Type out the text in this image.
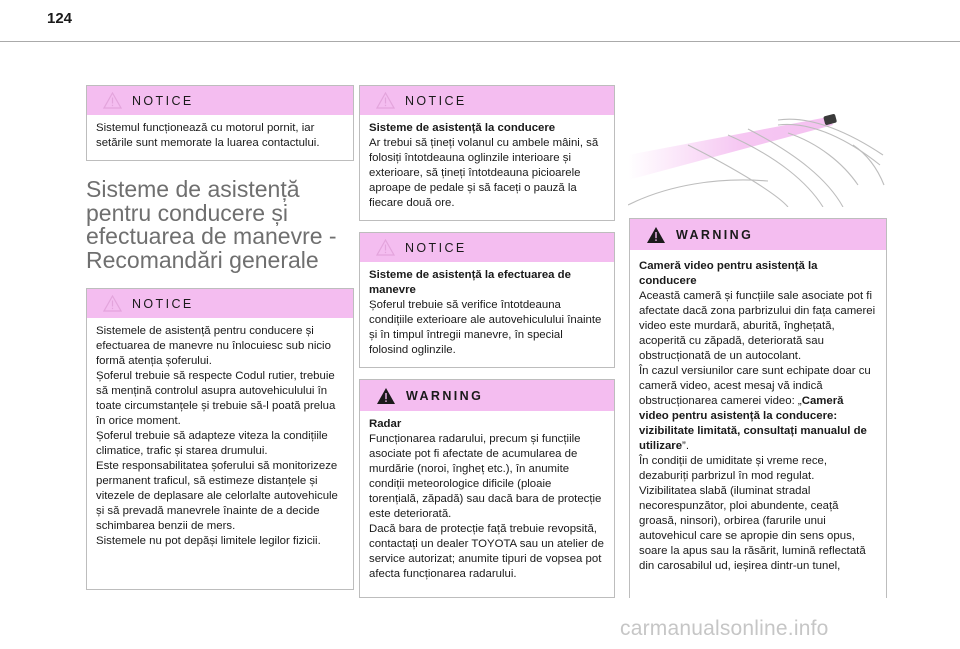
124
NOTICE

Sistemul funcționează cu motorul pornit, iar setările sunt memorate la luarea contactului.

Sisteme de asistență pentru conducere și efectuarea de manevre - Recomandări generale
NOTICE

Sistemele de asistență pentru conducere și efectuarea de manevre nu înlocuiesc sub nicio formă atenția șoferului.

Șoferul trebuie să respecte Codul rutier, trebuie să mențină controlul asupra autovehiculului în toate circumstanțele și trebuie să-l poată prelua în orice moment.

Șoferul trebuie să adapteze viteza la condițiile climatice, trafic și starea drumului.

Este responsabilitatea șoferului să monitorizeze permanent traficul, să estimeze distanțele și vitezele de deplasare ale celorlalte autovehicule și să prevadă manevrele înainte de a decide schimbarea benzii de mers.

Sistemele nu pot depăși limitele legilor fizicii.

NOTICE

Sisteme de asistență la conducere

Ar trebui să țineți volanul cu ambele mâini, să folosiți întotdeauna oglinzile interioare și exterioare, să țineți întotdeauna picioarele aproape de pedale și să faceți o pauză la fiecare două ore.

NOTICE

Sisteme de asistență la efectuarea de manevre

Șoferul trebuie să verifice întotdeauna condițiile exterioare ale autovehiculului înainte și în timpul întregii manevre, în special folosind oglinzile.

WARNING

Radar

Funcționarea radarului, precum și funcțiile asociate pot fi afectate de acumularea de murdărie (noroi, îngheț etc.), în anumite condiții meteorologice dificile (ploaie torențială, zăpadă) sau dacă bara de protecție este deteriorată.

Dacă bara de protecție față trebuie revopsită, contactați un dealer TOYOTA sau un atelier de service autorizat; anumite tipuri de vopsea pot afecta funcționarea radarului.

WARNING

Cameră video pentru asistență la conducere

Această cameră și funcțiile sale asociate pot fi afectate dacă zona parbrizului din fața camerei video este murdară, aburită, înghețată, acoperită cu zăpadă, deteriorată sau obstrucționată de un autocolant.

În cazul versiunilor care sunt echipate doar cu cameră video, acest mesaj vă indică obstrucționarea camerei video: „Cameră video pentru asistență la conducere: vizibilitate limitată, consultați manualul de utilizare”.

În condiții de umiditate și vreme rece, dezaburiți parbrizul în mod regulat.

Vizibilitatea slabă (iluminat stradal necorespunzător, ploi abundente, ceață groasă, ninsori), orbirea (farurile unui autovehicul care se apropie din sens opus, soare la apus sau la răsărit, lumină reflectată din carosabilul ud, ieșirea dintr-un tunel,

carmanualsonline.info
